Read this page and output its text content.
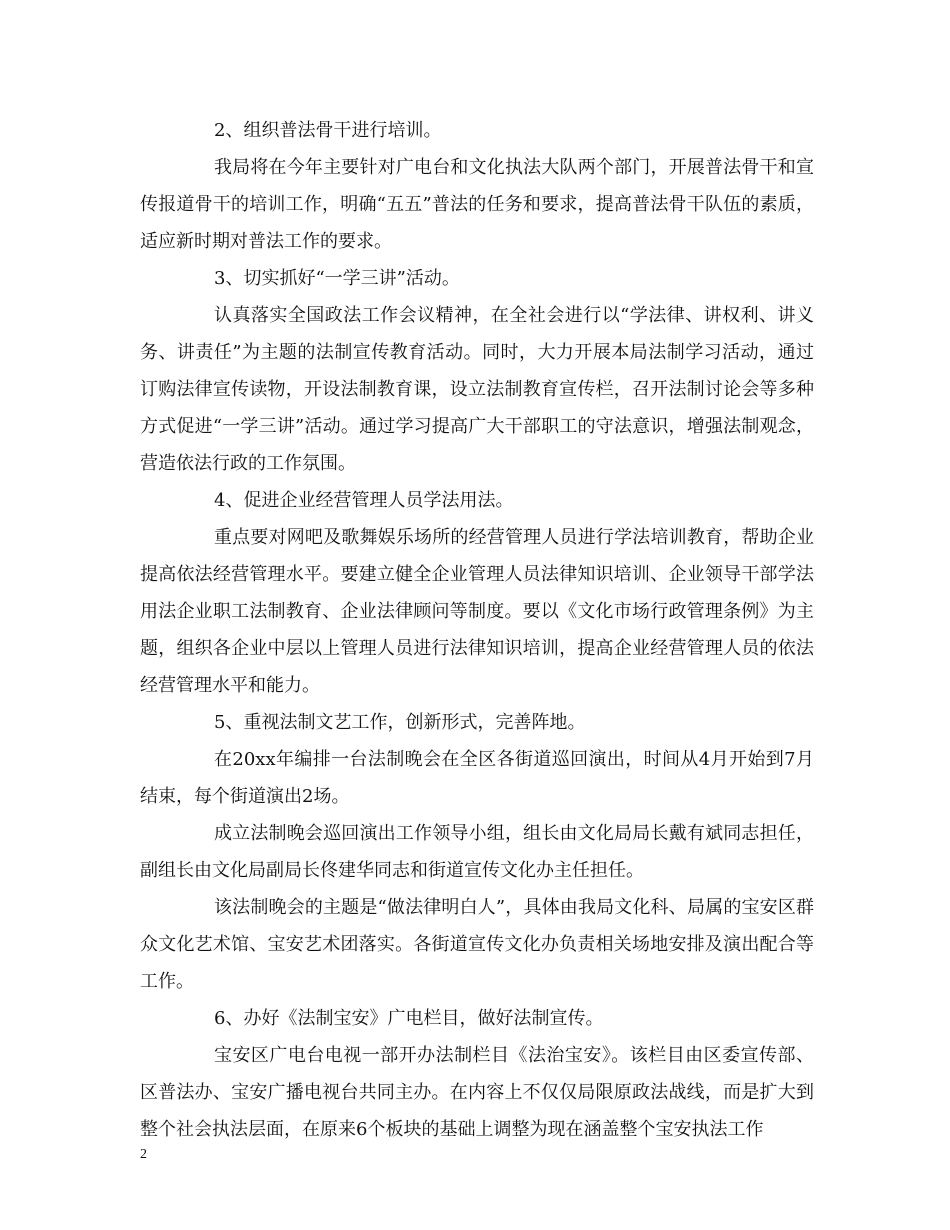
2、组织普法骨干进行培训。

我局将在今年主要针对广电台和文化执法大队两个部门，开展普法骨干和宣传报道骨干的培训工作，明确“五五”普法的任务和要求，提高普法骨干队伍的素质，适应新时期对普法工作的要求。

3、切实抓好“一学三讲”活动。

认真落实全国政法工作会议精神，在全社会进行以“学法律、讲权利、讲义务、讲责任”为主题的法制宣传教育活动。同时，大力开展本局法制学习活动，通过订购法律宣传读物，开设法制教育课，设立法制教育宣传栏，召开法制讨论会等多种方式促进“一学三讲”活动。通过学习提高广大干部职工的守法意识，增强法制观念，营造依法行政的工作氛围。

4、促进企业经营管理人员学法用法。

重点要对网吧及歌舞娱乐场所的经营管理人员进行学法培训教育，帮助企业提高依法经营管理水平。要建立健全企业管理人员法律知识培训、企业领导干部学法用法企业职工法制教育、企业法律顾问等制度。要以《文化市场行政管理条例》为主题，组织各企业中层以上管理人员进行法律知识培训，提高企业经营管理人员的依法经营管理水平和能力。

5、重视法制文艺工作，创新形式，完善阵地。

在20xx年编排一台法制晚会在全区各街道巡回演出，时间从4月开始到7月结束，每个街道演出2场。

成立法制晚会巡回演出工作领导小组，组长由文化局局长戴有斌同志担任，副组长由文化局副局长佟建华同志和街道宣传文化办主任担任。

该法制晚会的主题是“做法律明白人”，具体由我局文化科、局属的宝安区群众文化艺术馆、宝安艺术团落实。各街道宣传文化办负责相关场地安排及演出配合等工作。

6、办好《法制宝安》广电栏目，做好法制宣传。

宝安区广电台电视一部开办法制栏目《法治宝安》。该栏目由区委宣传部、区普法办、宝安广播电视台共同主办。在内容上不仅仅局限原政法战线，而是扩大到整个社会执法层面，在原来6个板块的基础上调整为现在涵盖整个宝安执法工作

2
